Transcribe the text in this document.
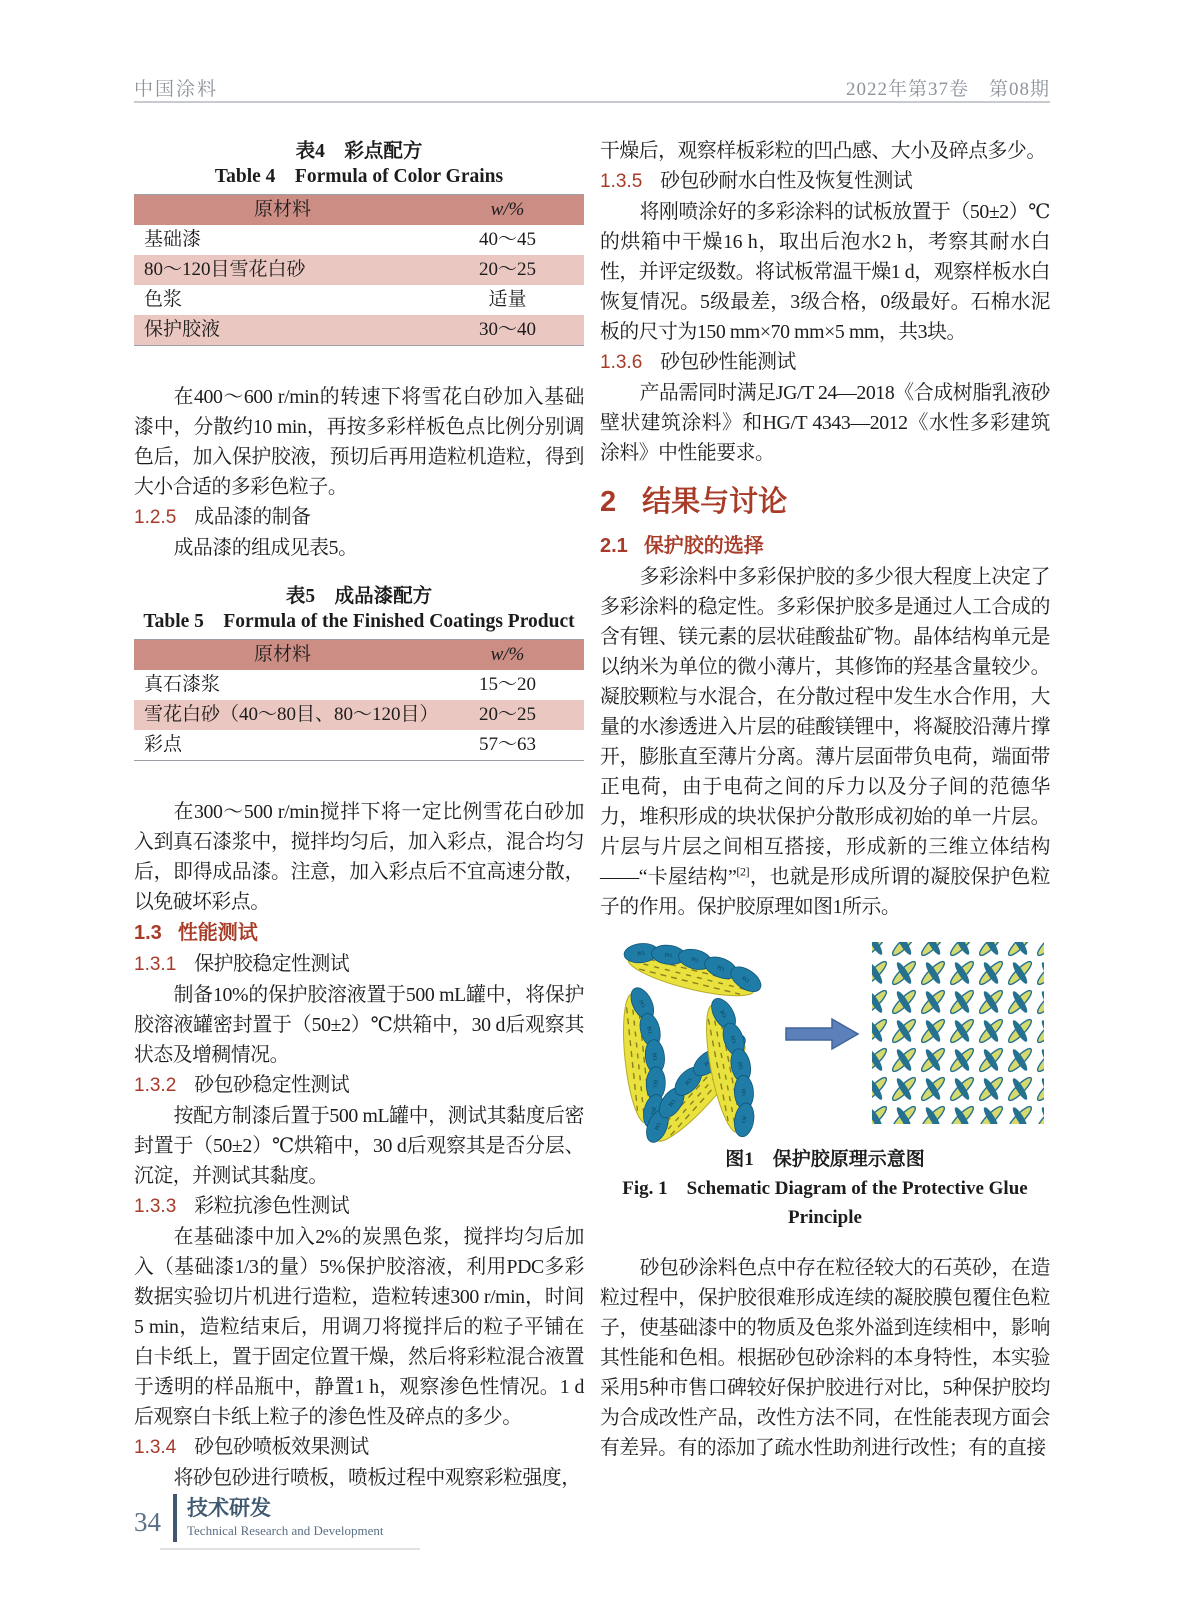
中国涂料	2022年第37卷　第08期
表4　彩点配方
Table 4　Formula of Color Grains
原材料	w/%
基础漆	40～45
80～120目雪花白砂	20～25
色浆	适量
保护胶液	30～40

在400～600 r/min的转速下将雪花白砂加入基础漆中，分散约10 min，再按多彩样板色点比例分别调色后，加入保护胶液，预切后再用造粒机造粒，得到大小合适的多彩色粒子。

1.2.5 成品漆的制备

成品漆的组成见表5。

表5　成品漆配方
Table 5　Formula of the Finished Coatings Product
原材料	w/%
真石漆浆	15～20
雪花白砂（40～80目、80～120目）	20～25
彩点	57～63

在300～500 r/min搅拌下将一定比例雪花白砂加入到真石漆浆中，搅拌均匀后，加入彩点，混合均匀后，即得成品漆。注意，加入彩点后不宜高速分散，以免破坏彩点。

1.3 性能测试
1.3.1 保护胶稳定性测试

制备10%的保护胶溶液置于500 mL罐中，将保护胶溶液罐密封置于（50±2）℃烘箱中，30 d后观察其状态及增稠情况。

1.3.2 砂包砂稳定性测试

按配方制漆后置于500 mL罐中，测试其黏度后密封置于（50±2）℃烘箱中，30 d后观察其是否分层、沉淀，并测试其黏度。

1.3.3 彩粒抗渗色性测试

在基础漆中加入2%的炭黑色浆，搅拌均匀后加入（基础漆1/3的量）5%保护胶溶液，利用PDC多彩数据实验切片机进行造粒，造粒转速300 r/min，时间5 min，造粒结束后，用调刀将搅拌后的粒子平铺在白卡纸上，置于固定位置干燥，然后将彩粒混合液置于透明的样品瓶中，静置1 h，观察渗色性情况。1 d后观察白卡纸上粒子的渗色性及碎点的多少。

1.3.4 砂包砂喷板效果测试

将砂包砂进行喷板，喷板过程中观察彩粒强度，

干燥后，观察样板彩粒的凹凸感、大小及碎点多少。

1.3.5 砂包砂耐水白性及恢复性测试

将刚喷涂好的多彩涂料的试板放置于（50±2）℃的烘箱中干燥16 h，取出后泡水2 h，考察其耐水白性，并评定级数。将试板常温干燥1 d，观察样板水白恢复情况。5级最差，3级合格，0级最好。石棉水泥板的尺寸为150 mm×70 mm×5 mm，共3块。

1.3.6 砂包砂性能测试

产品需同时满足JG/T 24—2018《合成树脂乳液砂壁状建筑涂料》和HG/T 4343—2012《水性多彩建筑涂料》中性能要求。

2 结果与讨论
2.1 保护胶的选择

多彩涂料中多彩保护胶的多少很大程度上决定了多彩涂料的稳定性。多彩保护胶多是通过人工合成的含有锂、镁元素的层状硅酸盐矿物。晶体结构单元是以纳米为单位的微小薄片，其修饰的羟基含量较少。凝胶颗粒与水混合，在分散过程中发生水合作用，大量的水渗透进入片层的硅酸镁锂中，将凝胶沿薄片撑开，膨胀直至薄片分离。薄片层面带负电荷，端面带正电荷，由于电荷之间的斥力以及分子间的范德华力，堆积形成的块状保护分散形成初始的单一片层。片层与片层之间相互搭接，形成新的三维立体结构——“卡屋结构”[2]，也就是形成所谓的凝胶保护色粒子的作用。保护胶原理如图1所示。

P.O.
P.O.	P.O.	P.O.
P.O.
图1　保护胶原理示意图
Fig. 1　Schematic Diagram of the Protective Glue
Principle

砂包砂涂料色点中存在粒径较大的石英砂，在造粒过程中，保护胶很难形成连续的凝胶膜包覆住色粒子，使基础漆中的物质及色浆外溢到连续相中，影响其性能和色相。根据砂包砂涂料的本身特性，本实验采用5种市售口碑较好保护胶进行对比，5种保护胶均为合成改性产品，改性方法不同，在性能表现方面会有差异。有的添加了疏水性助剂进行改性；有的直接

34 技术研发
Technical Research and Development
